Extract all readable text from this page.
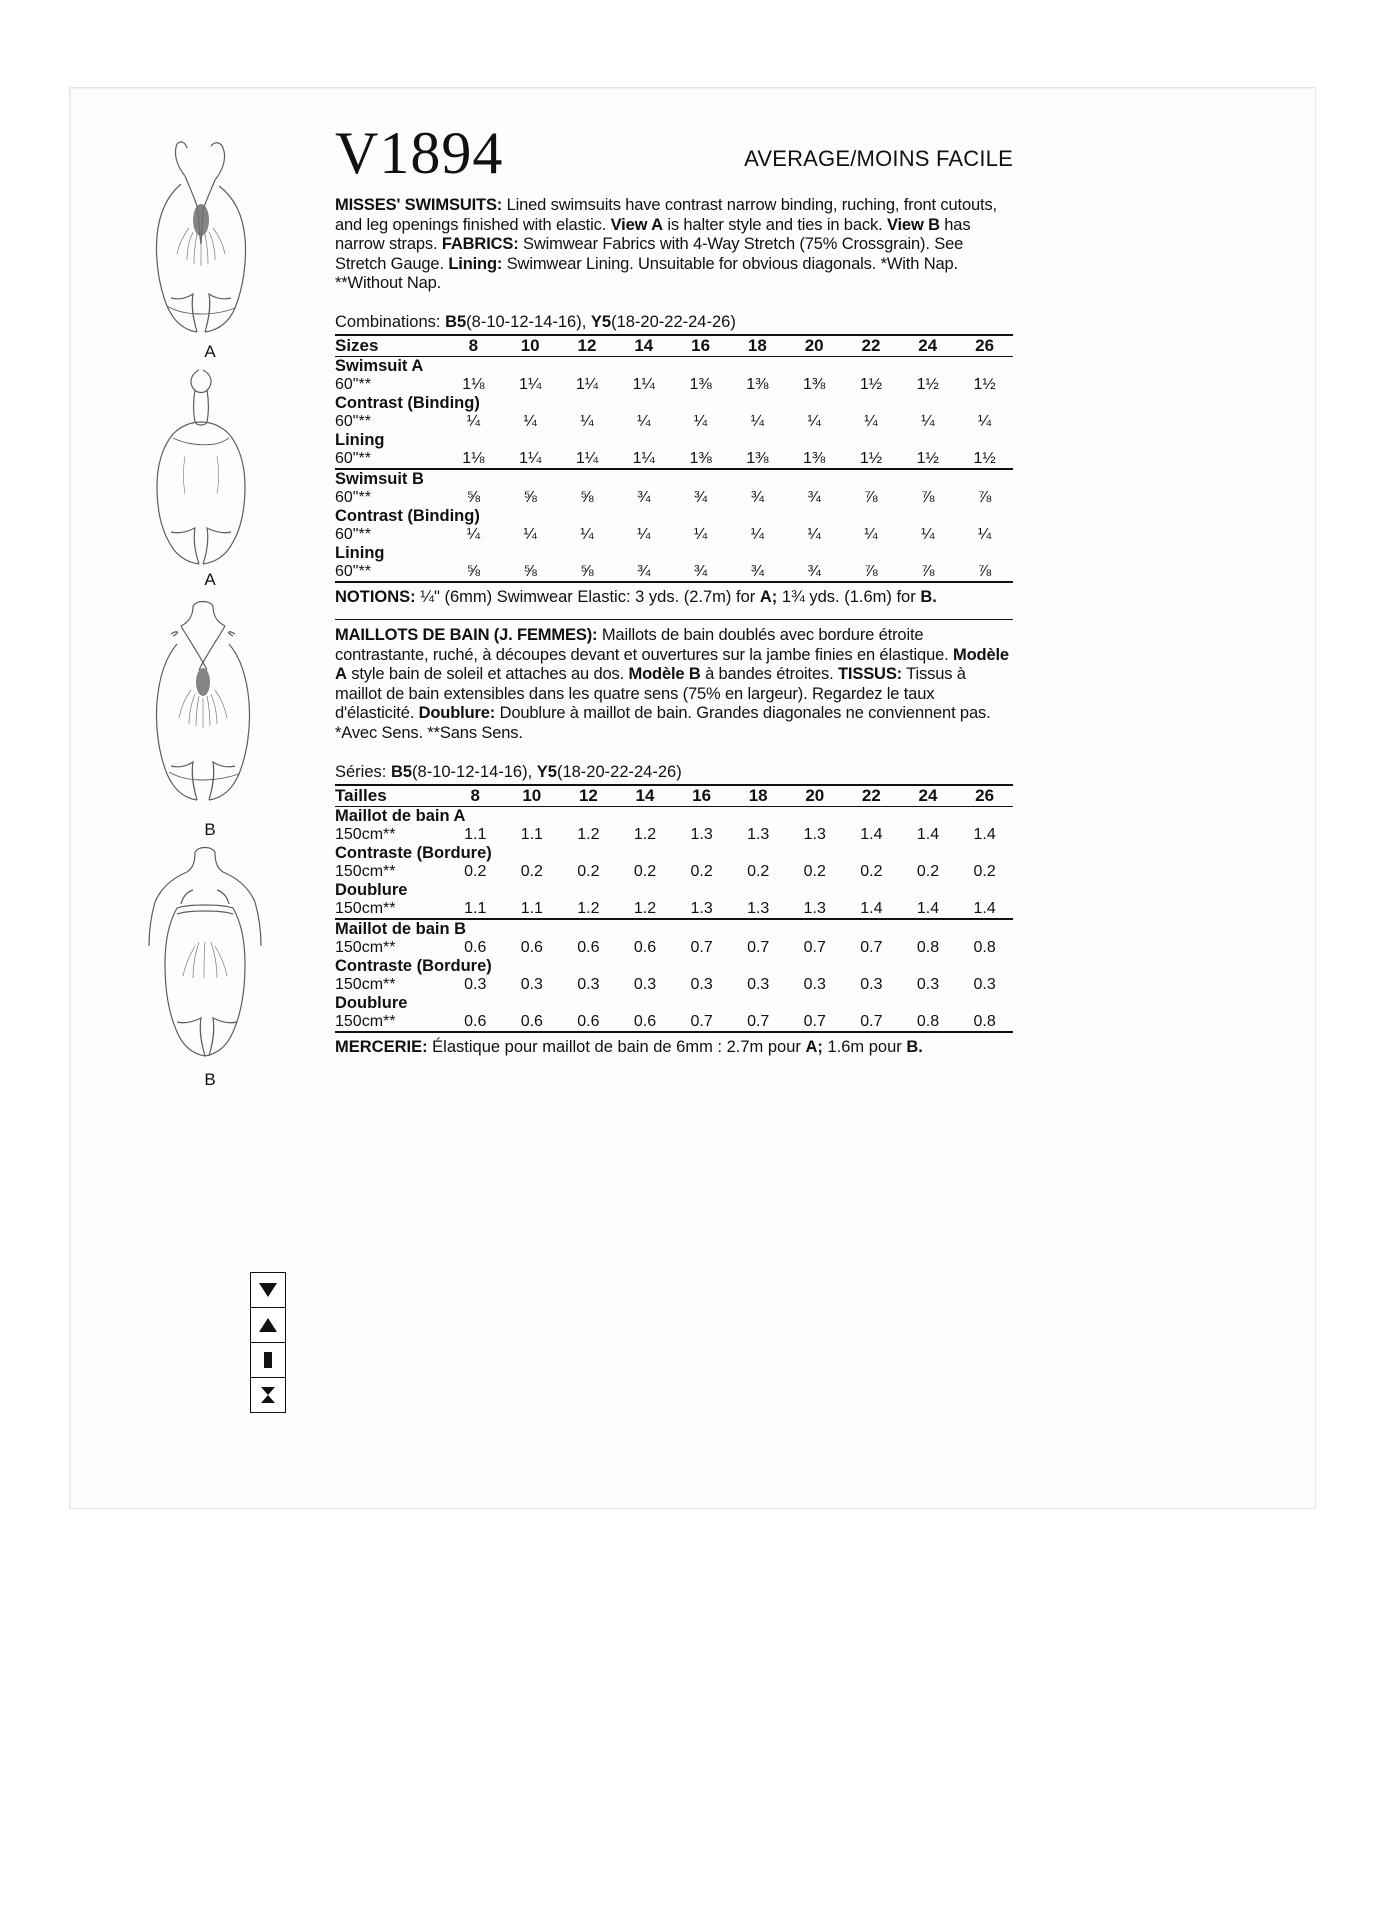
A
A
B
B
V1894	AVERAGE/MOINS FACILE
MISSES' SWIMSUITS: Lined swimsuits have contrast narrow binding, ruching, front cutouts, and leg openings finished with elastic. View A is halter style and ties in back. View B has narrow straps. FABRICS: Swimwear Fabrics with 4-Way Stretch (75% Crossgrain). See Stretch Gauge. Lining: Swimwear Lining. Unsuitable for obvious diagonals. *With Nap. **Without Nap.
Combinations: B5(8-10-12-14-16), Y5(18-20-22-24-26)
Sizes	8	10	12	14	16	18	20	22	24	26
Swimsuit A										
60"**	1⅛	1¼	1¼	1¼	1⅜	1⅜	1⅜	1½	1½	1½
Contrast (Binding)										
60"**	¼	¼	¼	¼	¼	¼	¼	¼	¼	¼
Lining										
60"**	1⅛	1¼	1¼	1¼	1⅜	1⅜	1⅜	1½	1½	1½
Swimsuit B										
60"**	⅝	⅝	⅝	¾	¾	¾	¾	⅞	⅞	⅞
Contrast (Binding)										
60"**	¼	¼	¼	¼	¼	¼	¼	¼	¼	¼
Lining										
60"**	⅝	⅝	⅝	¾	¾	¾	¾	⅞	⅞	⅞

NOTIONS: ¼" (6mm) Swimwear Elastic: 3 yds. (2.7m) for A; 1¾ yds. (1.6m) for B.
MAILLOTS DE BAIN (J. FEMMES): Maillots de bain doublés avec bordure étroite contrastante, ruché, à découpes devant et ouvertures sur la jambe finies en élastique. Modèle A style bain de soleil et attaches au dos. Modèle B à bandes étroites. TISSUS: Tissus à maillot de bain extensibles dans les quatre sens (75% en largeur). Regardez le taux d'élasticité. Doublure: Doublure à maillot de bain. Grandes diagonales ne conviennent pas. *Avec Sens. **Sans Sens.
Séries: B5(8-10-12-14-16), Y5(18-20-22-24-26)
Tailles	8	10	12	14	16	18	20	22	24	26
Maillot de bain A										
150cm**	1.1	1.1	1.2	1.2	1.3	1.3	1.3	1.4	1.4	1.4
Contraste (Bordure)										
150cm**	0.2	0.2	0.2	0.2	0.2	0.2	0.2	0.2	0.2	0.2
Doublure										
150cm**	1.1	1.1	1.2	1.2	1.3	1.3	1.3	1.4	1.4	1.4
Maillot de bain B										
150cm**	0.6	0.6	0.6	0.6	0.7	0.7	0.7	0.7	0.8	0.8
Contraste (Bordure)										
150cm**	0.3	0.3	0.3	0.3	0.3	0.3	0.3	0.3	0.3	0.3
Doublure										
150cm**	0.6	0.6	0.6	0.6	0.7	0.7	0.7	0.7	0.8	0.8

MERCERIE: Élastique pour maillot de bain de 6mm : 2.7m pour A; 1.6m pour B.
